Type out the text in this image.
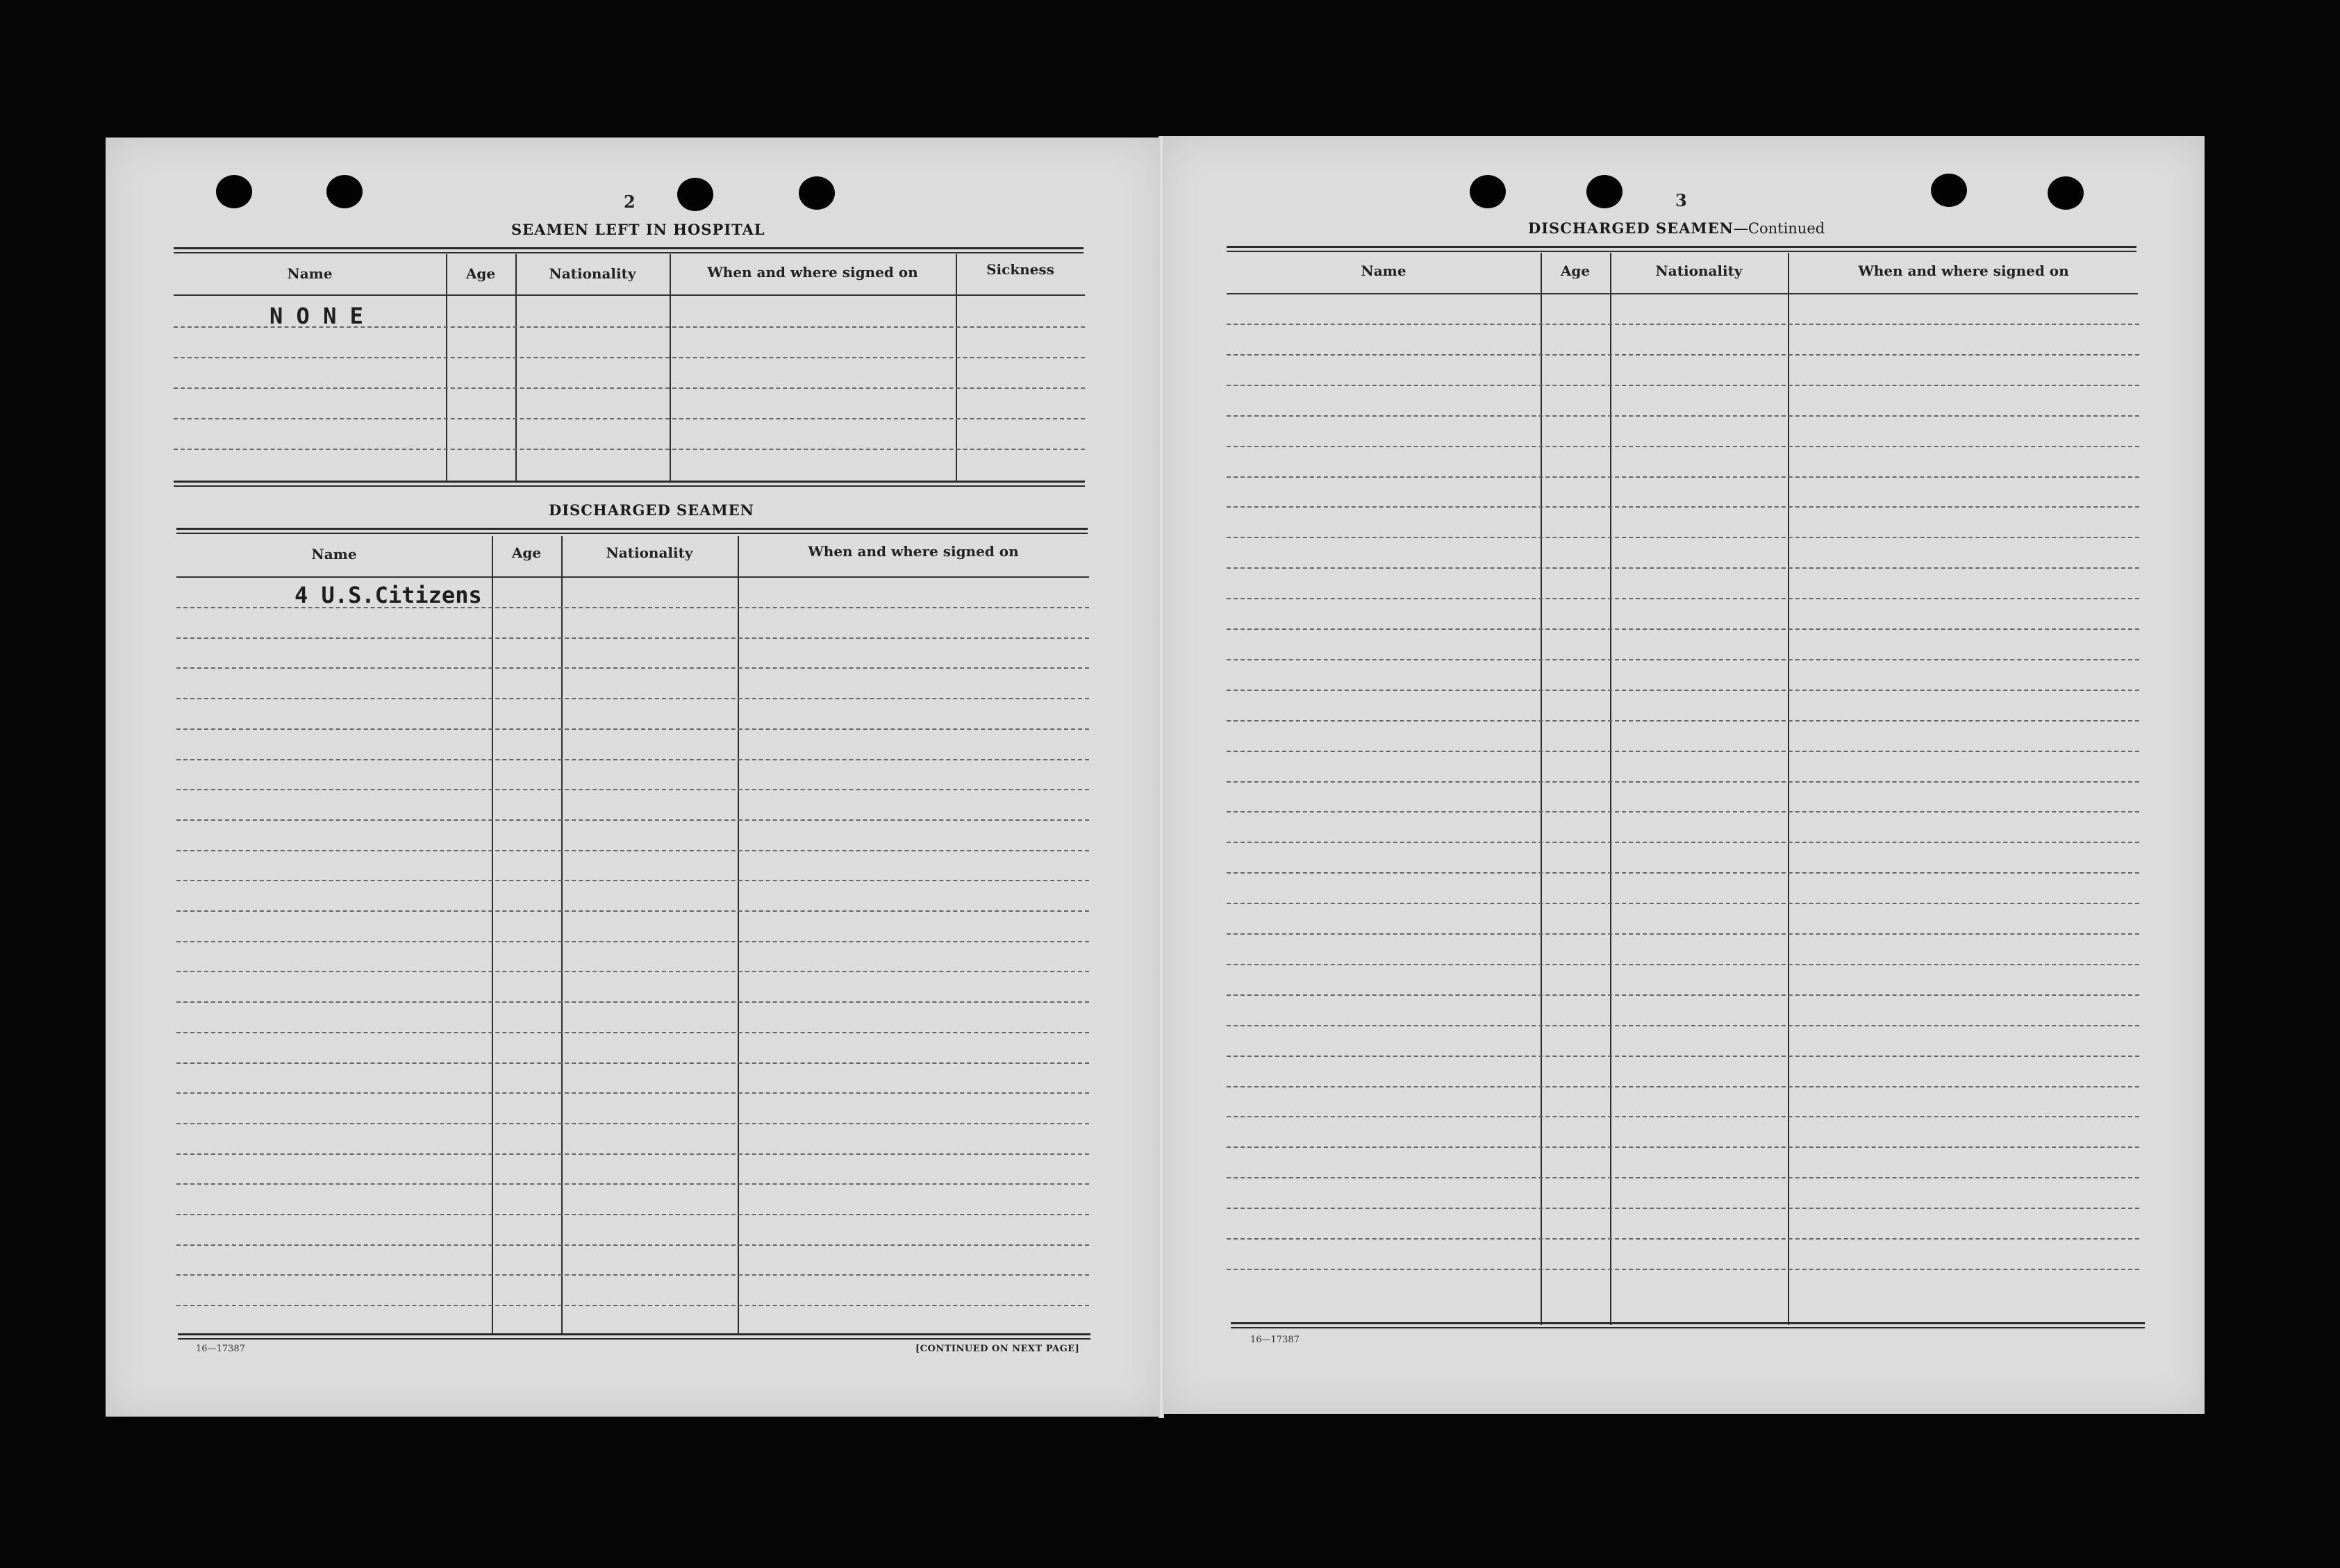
2
SEAMEN LEFT IN HOSPITAL
Name	Age	Nationality	When and where signed on	Sickness
N O N E
DISCHARGED SEAMEN
Name	Age	Nationality	When and where signed on
4 U.S.Citizens
16—17387	[CONTINUED ON NEXT PAGE]
3
DISCHARGED SEAMEN—Continued
Name	Age	Nationality	When and where signed on
16—17387
